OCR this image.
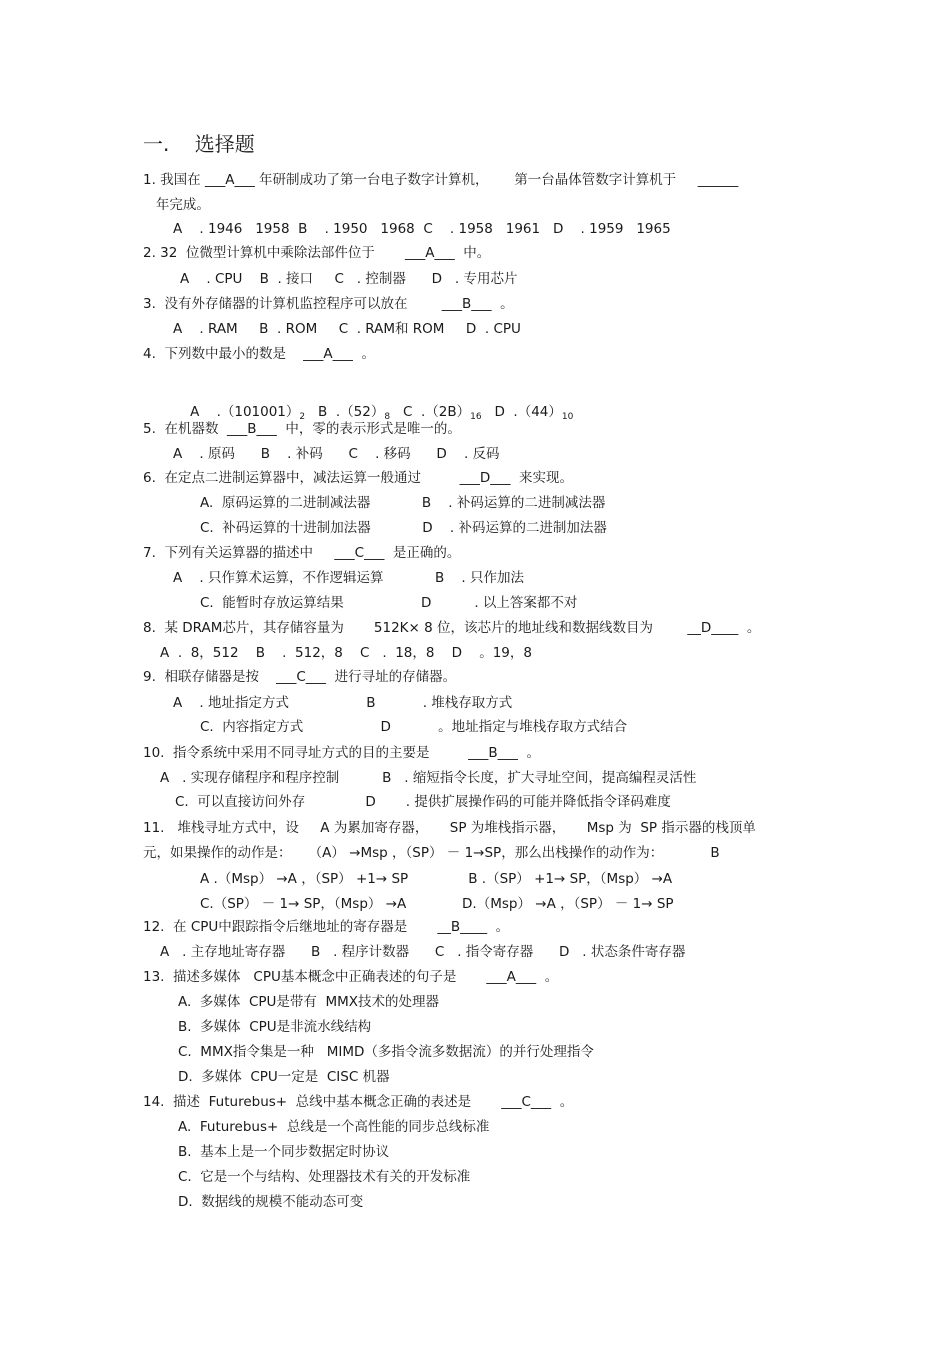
一.    选择题
1. 我国在 ___A___ 年研制成功了第一台电子数字计算机，      第一台晶体管数字计算机于     ______
年完成。
A    . 1946   1958  B    . 1950   1968  C    . 1958   1961   D    . 1959   1965
2. 32  位微型计算机中乘除法部件位于       ___A___  中。
A    . CPU    B  . 接口     C   . 控制器      D   . 专用芯片
3.  没有外存储器的计算机监控程序可以放在        ___B___  。
A    . RAM     B  . ROM     C  . RAM和 ROM     D  . CPU
4.  下列数中最小的数是    ___A___  。

A    $.(101001)_2$ B  $.(52)_8$ C  $.(2B)_{16}$ D  $.(44)_{10}$

5.  在机器数  ___B___  中，零的表示形式是唯一的。
A    . 原码      B    . 补码      C    . 移码      D    . 反码
6.  在定点二进制运算器中，减法运算一般通过         ___D___  来实现。
A.  原码运算的二进制减法器            B    . 补码运算的二进制减法器
C.  补码运算的十进制加法器            D    . 补码运算的二进制加法器
7.  下列有关运算器的描述中     ___C___  是正确的。
A    . 只作算术运算，不作逻辑运算            B    . 只作加法
C.  能暂时存放运算结果                  D          . 以上答案都不对
8.  某 DRAM芯片，其存储容量为       512K× 8 位，该芯片的地址线和数据线数目为        __D____  。
A  .  8，512    B    .  512，8    C   .  18，8    D    。19，8
9.  相联存储器是按    ___C___  进行寻址的存储器。
A    . 地址指定方式                  B           . 堆栈存取方式
C.  内容指定方式                  D           。地址指定与堆栈存取方式结合
10.  指令系统中采用不同寻址方式的目的主要是         ___B___  。
A   . 实现存储程序和程序控制          B   . 缩短指令长度，扩大寻址空间，提高编程灵活性
C.  可以直接访问外存              D       . 提供扩展操作码的可能并降低指令译码难度
11.   堆栈寻址方式中，设     A 为累加寄存器，     SP 为堆栈指示器，     Msp 为  SP 指示器的栈顶单
元，如果操作的动作是：    （A） →Msp ，（SP） － 1→SP，那么出栈操作的动作为：           B
A .（Msp） →A ，（SP） +1→ SP              B .（SP） +1→ SP，（Msp） →A
C.（SP） － 1→ SP，（Msp） →A             D.（Msp） →A ，（SP） － 1→ SP
12.  在 CPU中跟踪指令后继地址的寄存器是       __B____  。
A   . 主存地址寄存器      B   . 程序计数器      C   . 指令寄存器      D   . 状态条件寄存器
13.  描述多媒体   CPU基本概念中正确表述的句子是       ___A___  。
A.  多媒体  CPU是带有  MMX技术的处理器
B.  多媒体  CPU是非流水线结构
C.  MMX指令集是一种   MIMD（多指令流多数据流）的并行处理指令
D.  多媒体  CPU一定是  CISC 机器
14.  描述  Futurebus+  总线中基本概念正确的表述是       ___C___  。
A.  Futurebus+  总线是一个高性能的同步总线标准
B.  基本上是一个同步数据定时协议
C.  它是一个与结构、处理器技术有关的开发标准
D.  数据线的规模不能动态可变
